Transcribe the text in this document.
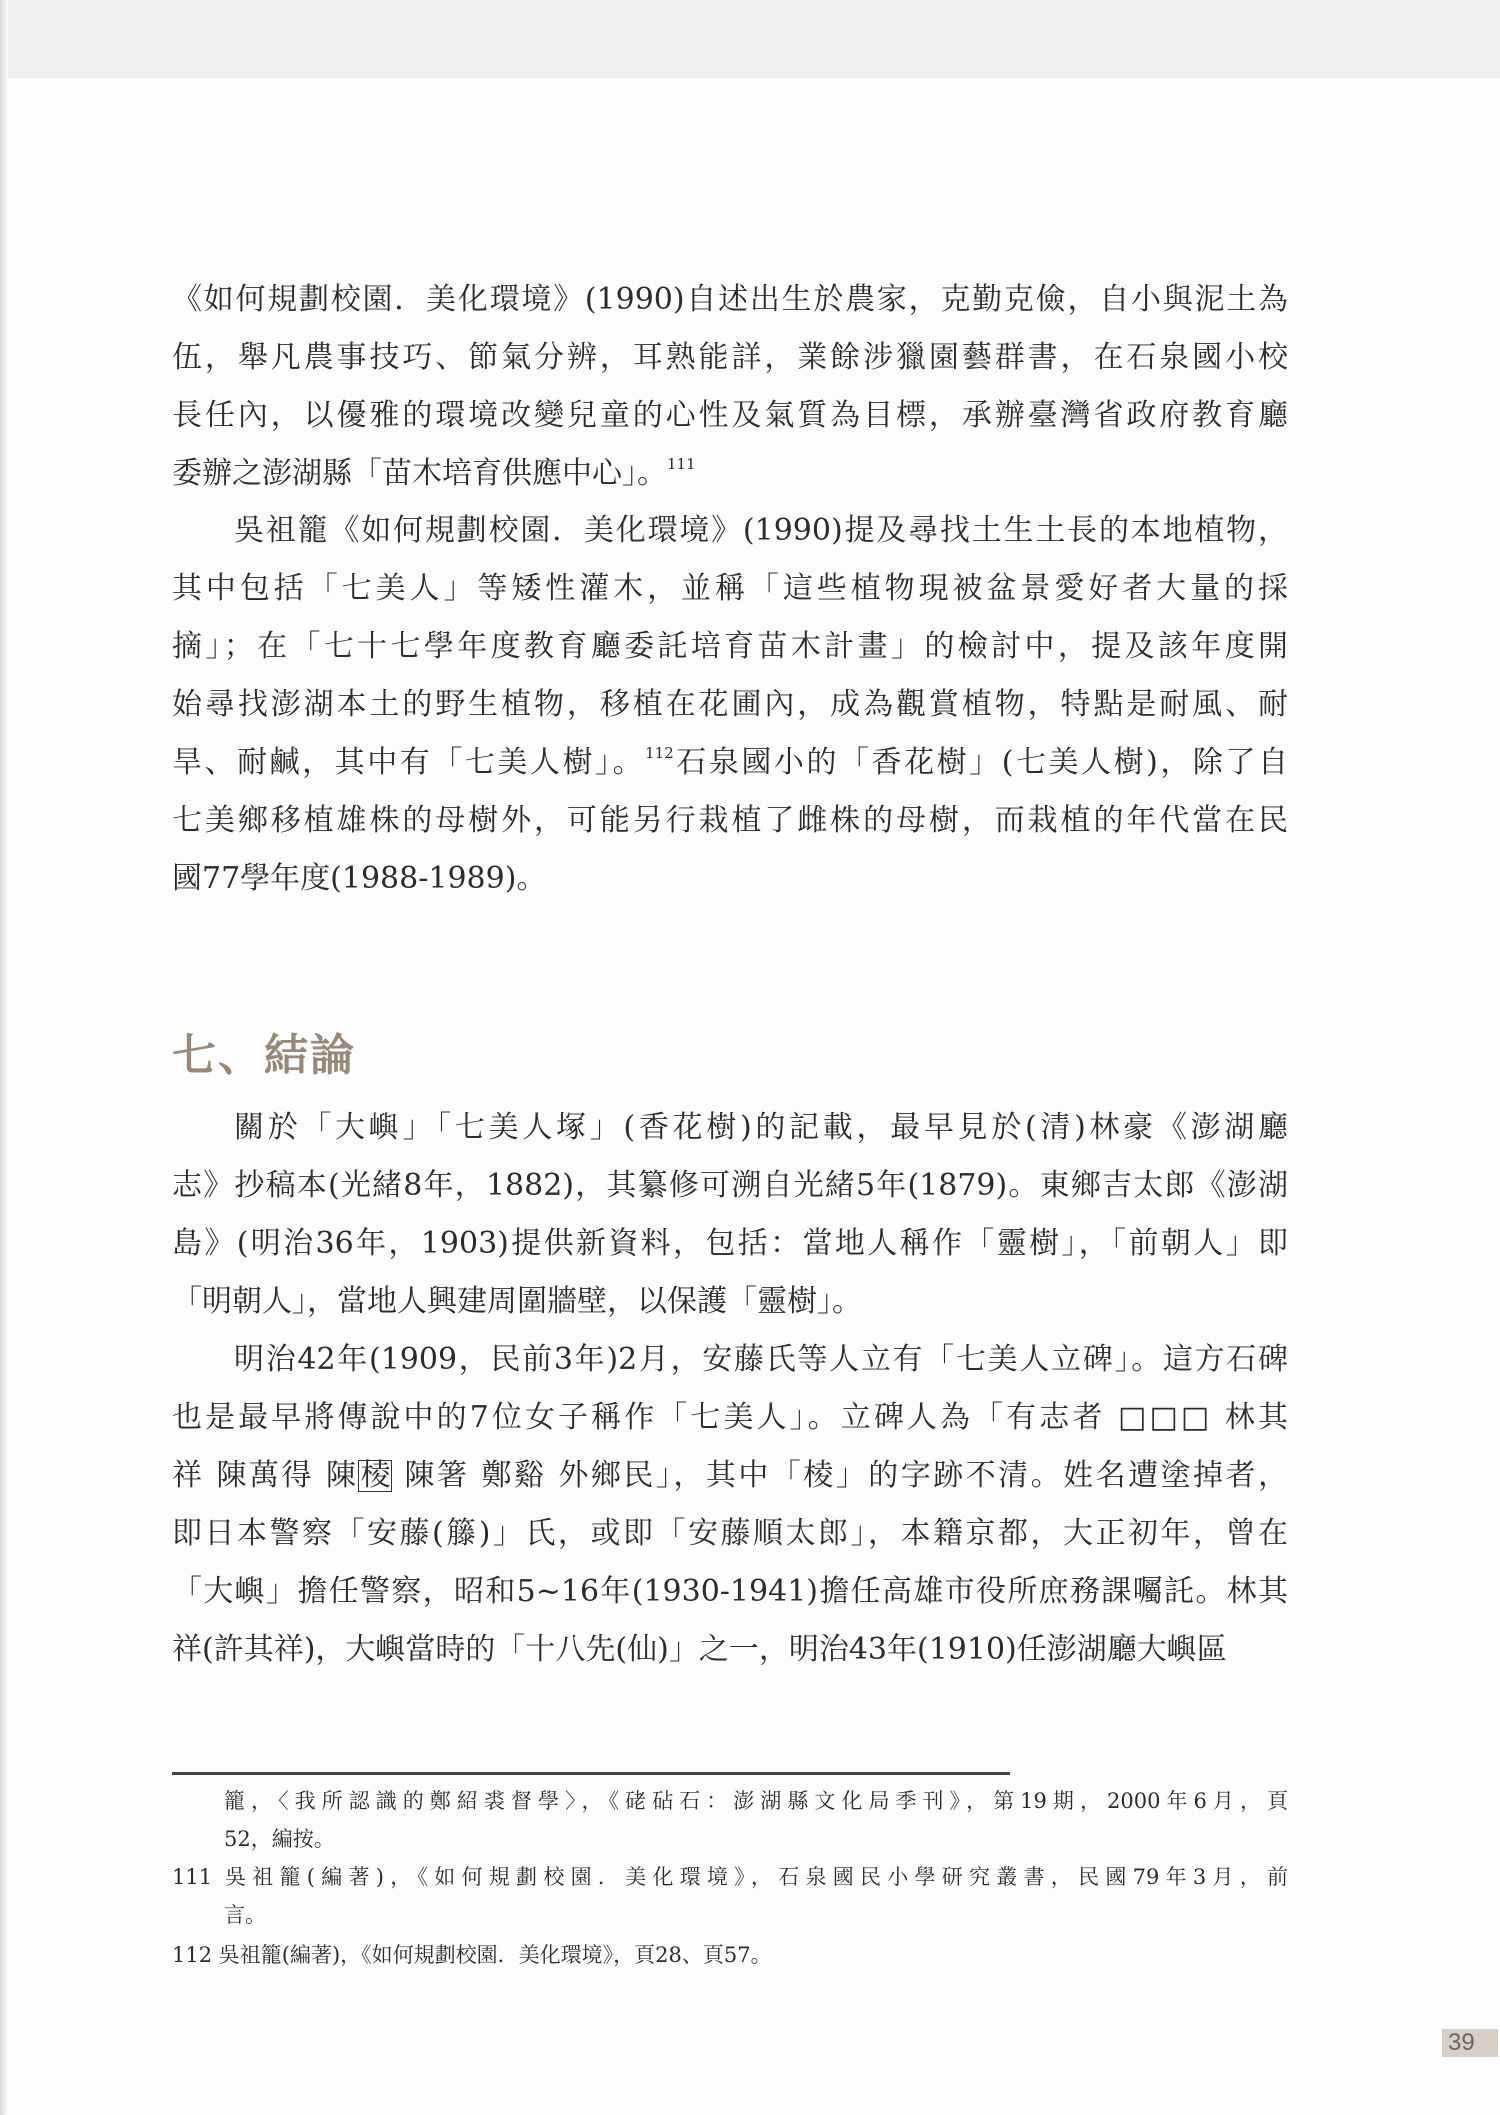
《如何規劃校園．美化環境》(1990)自述出生於農家，克勤克儉，自小與泥土為
伍，舉凡農事技巧、節氣分辨，耳熟能詳，業餘涉獵園藝群書，在石泉國小校
長任內，以優雅的環境改變兒童的心性及氣質為目標，承辦臺灣省政府教育廳
委辦之澎湖縣「苗木培育供應中心」。$^{111}$
吳祖籠《如何規劃校園．美化環境》(1990)提及尋找土生土長的本地植物，
其中包括「七美人」等矮性灌木，並稱「這些植物現被盆景愛好者大量的採
摘」；在「七十七學年度教育廳委託培育苗木計畫」的檢討中，提及該年度開
始尋找澎湖本土的野生植物，移植在花圃內，成為觀賞植物，特點是耐風、耐
旱、耐鹹，其中有「七美人樹」。$^{112}$石泉國小的「香花樹」(七美人樹)，除了自
七美鄉移植雄株的母樹外，可能另行栽植了雌株的母樹，而栽植的年代當在民
國77學年度(1988-1989)。
七、結論
關於「大嶼」「七美人塚」(香花樹)的記載，最早見於(清)林豪《澎湖廳
志》抄稿本(光緒8年，1882)，其纂修可溯自光緒5年(1879)。東鄉吉太郎《澎湖
島》(明治36年，1903)提供新資料，包括：當地人稱作「靈樹」，「前朝人」即
「明朝人」，當地人興建周圍牆壁，以保護「靈樹」。
明治42年(1909，民前3年)2月，安藤氏等人立有「七美人立碑」。這方石碑
也是最早將傳說中的7位女子稱作「七美人」。立碑人為「有志者 □□□ 林其
祥 陳萬得 陳棱 陳箸 鄭谿 外鄉民」，其中「棱」的字跡不清。姓名遭塗掉者，
即日本警察「安藤(籐)」氏，或即「安藤順太郎」，本籍京都，大正初年，曾在
「大嶼」擔任警察，昭和5~16年(1930-1941)擔任高雄市役所庶務課囑託。林其
祥(許其祥)，大嶼當時的「十八先(仙)」之一，明治43年(1910)任澎湖廳大嶼區
籠，〈我所認識的鄭紹裘督學〉，《硓砧石：澎湖縣文化局季刊》，第19期，2000年6月，頁
52，編按。
111 吳祖籠(編著)，《如何規劃校園．美化環境》，石泉國民小學研究叢書，民國79年3月，前
言。
112 吳祖籠(編著)，《如何規劃校園．美化環境》，頁28、頁57。
39
